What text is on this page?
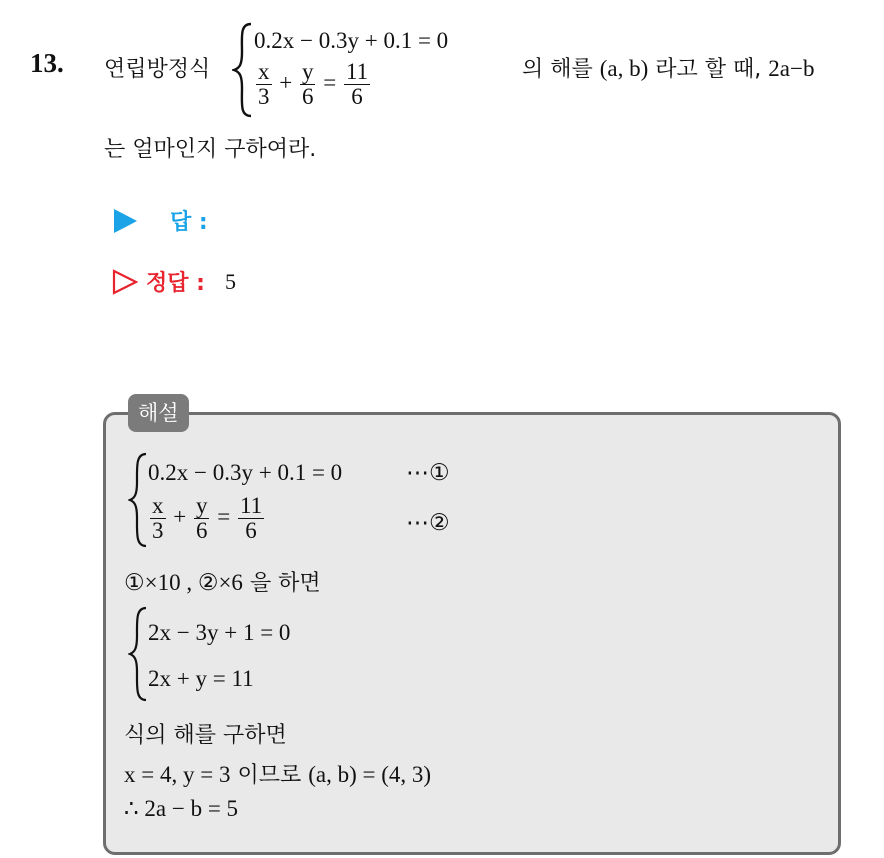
13. 연립방정식
0.2x − 0.3y + 0.1 = 0
$\frac{x}{3} + \frac{y}{6} = \frac{11}{6}$	의 해를 (a, b) 라고 할 때, 2a−b
는 얼마인지 구하여라.
답 :
정답 : 5
해설
0.2x − 0.3y + 0.1 = 0	⋯①
$\frac{x}{3} + \frac{y}{6} = \frac{11}{6}$	⋯②
①×10 , ②×6 을 하면
2x − 3y + 1 = 0
2x + y = 11
식의 해를 구하면
x = 4, y = 3 이므로 (a, b) = (4, 3)
∴ 2a − b = 5
